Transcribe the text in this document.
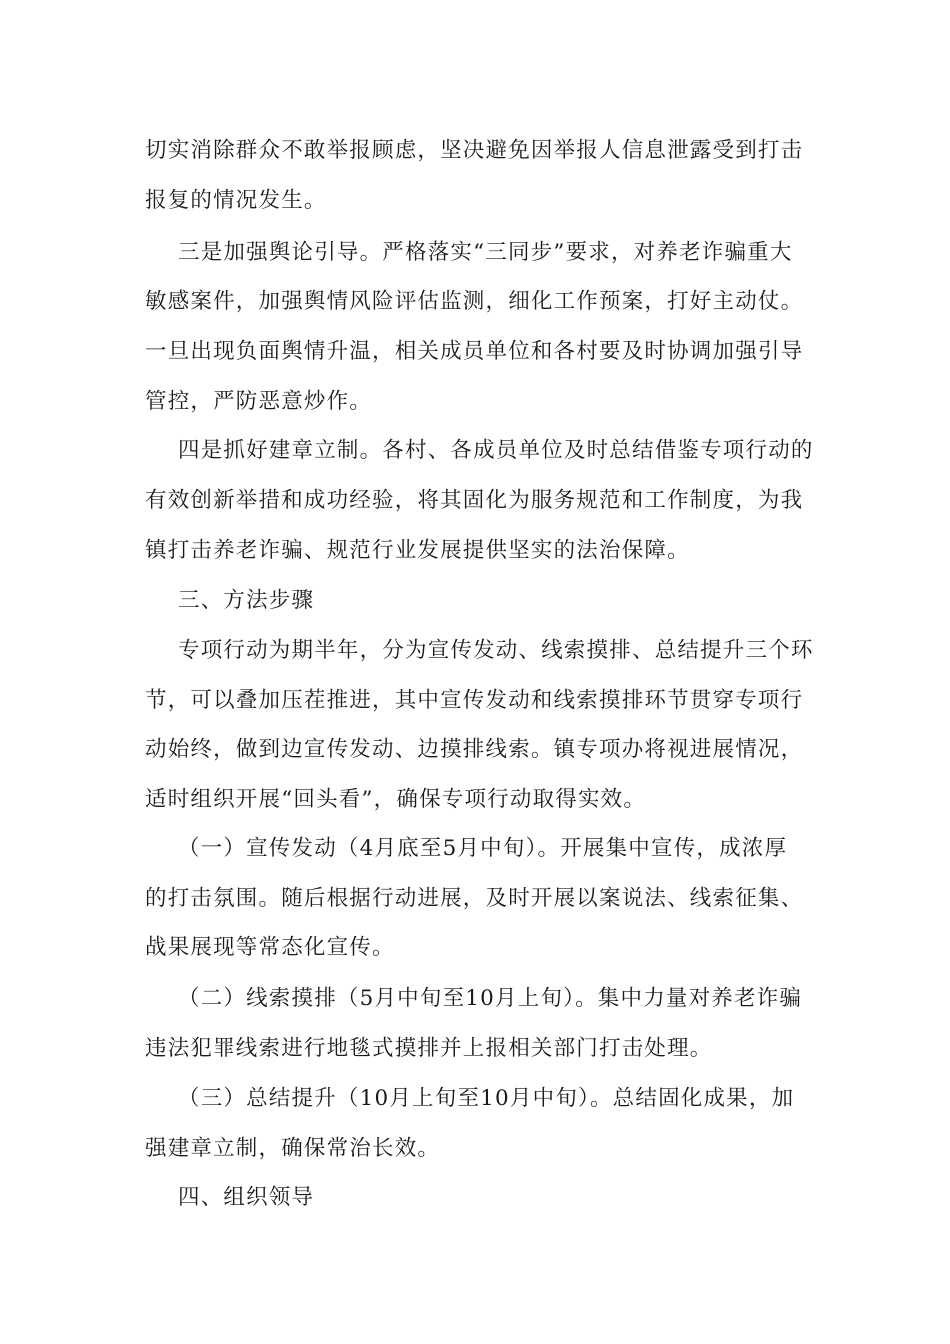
切实消除群众不敢举报顾虑，坚决避免因举报人信息泄露受到打击
报复的情况发生。
三是加强舆论引导。严格落实“三同步”要求，对养老诈骗重大
敏感案件，加强舆情风险评估监测，细化工作预案，打好主动仗。
一旦出现负面舆情升温，相关成员单位和各村要及时协调加强引导
管控，严防恶意炒作。
四是抓好建章立制。各村、各成员单位及时总结借鉴专项行动的
有效创新举措和成功经验，将其固化为服务规范和工作制度，为我
镇打击养老诈骗、规范行业发展提供坚实的法治保障。
三、方法步骤
专项行动为期半年，分为宣传发动、线索摸排、总结提升三个环
节，可以叠加压茬推进，其中宣传发动和线索摸排环节贯穿专项行
动始终，做到边宣传发动、边摸排线索。镇专项办将视进展情况，
适时组织开展“回头看”，确保专项行动取得实效。
（一）宣传发动（4月底至5月中旬）。开展集中宣传，成浓厚
的打击氛围。随后根据行动进展，及时开展以案说法、线索征集、
战果展现等常态化宣传。
（二）线索摸排（5月中旬至10月上旬）。集中力量对养老诈骗
违法犯罪线索进行地毯式摸排并上报相关部门打击处理。
（三）总结提升（10月上旬至10月中旬）。总结固化成果，加
强建章立制，确保常治长效。
四、组织领导
